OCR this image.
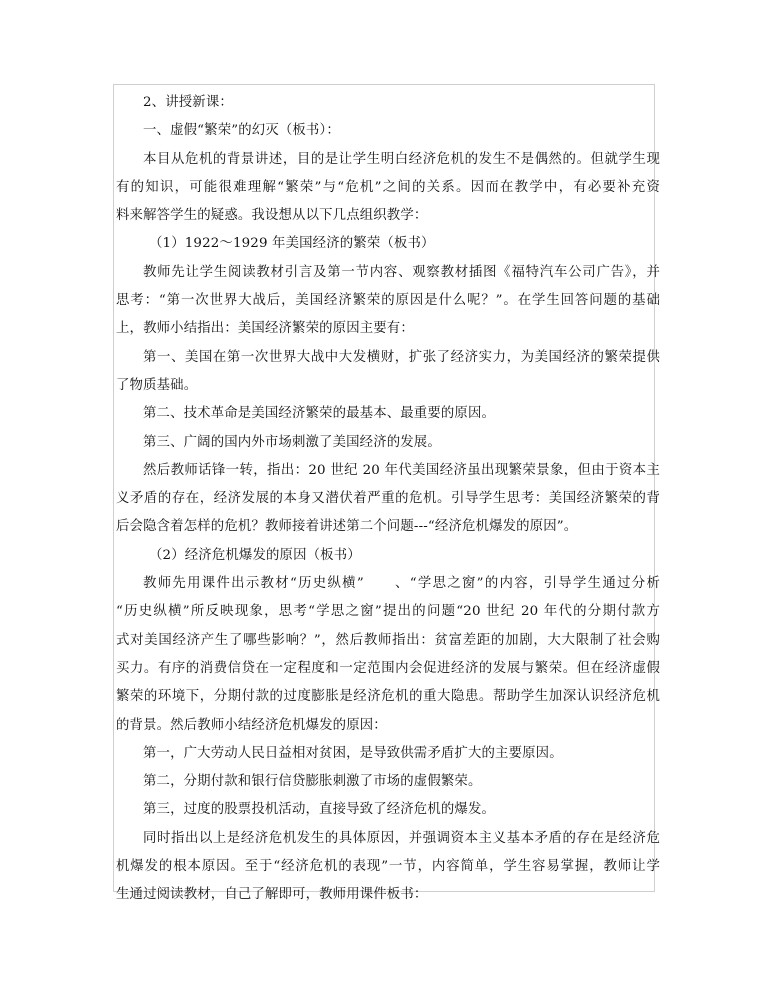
2、讲授新课：
一、虚假“繁荣”的幻灭（板书）：
本目从危机的背景讲述，目的是让学生明白经济危机的发生不是偶然的。但就学生现
有的知识，可能很难理解“繁荣”与“危机”之间的关系。因而在教学中，有必要补充资
料来解答学生的疑惑。我设想从以下几点组织教学：
（1）1922～1929 年美国经济的繁荣（板书）
教师先让学生阅读教材引言及第一节内容、观察教材插图《福特汽车公司广告》，并
思考：“第一次世界大战后，美国经济繁荣的原因是什么呢？”。在学生回答问题的基础
上，教师小结指出：美国经济繁荣的原因主要有：
第一、美国在第一次世界大战中大发横财，扩张了经济实力，为美国经济的繁荣提供
了物质基础。
第二、技术革命是美国经济繁荣的最基本、最重要的原因。
第三、广阔的国内外市场刺激了美国经济的发展。
然后教师话锋一转，指出：20 世纪 20 年代美国经济虽出现繁荣景象，但由于资本主
义矛盾的存在，经济发展的本身又潜伏着严重的危机。引导学生思考：美国经济繁荣的背
后会隐含着怎样的危机？教师接着讲述第二个问题---“经济危机爆发的原因”。
（2）经济危机爆发的原因（板书）
教师先用课件出示教材“历史纵横” 、“学思之窗”的内容，引导学生通过分析
“历史纵横”所反映现象，思考“学思之窗”提出的问题“20 世纪 20 年代的分期付款方
式对美国经济产生了哪些影响？”，然后教师指出：贫富差距的加剧，大大限制了社会购
买力。有序的消费信贷在一定程度和一定范围内会促进经济的发展与繁荣。但在经济虚假
繁荣的环境下，分期付款的过度膨胀是经济危机的重大隐患。帮助学生加深认识经济危机
的背景。然后教师小结经济危机爆发的原因：
第一，广大劳动人民日益相对贫困，是导致供需矛盾扩大的主要原因。
第二，分期付款和银行信贷膨胀刺激了市场的虚假繁荣。
第三，过度的股票投机活动，直接导致了经济危机的爆发。
同时指出以上是经济危机发生的具体原因，并强调资本主义基本矛盾的存在是经济危
机爆发的根本原因。至于“经济危机的表现”一节，内容简单，学生容易掌握，教师让学
生通过阅读教材，自己了解即可，教师用课件板书：
